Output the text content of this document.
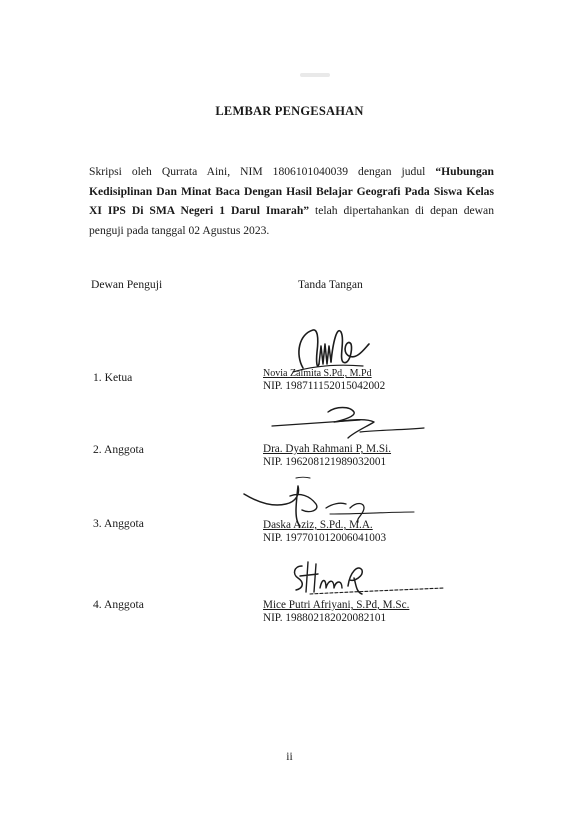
LEMBAR PENGESAHAN
Skripsi oleh Qurrata Aini, NIM 1806101040039 dengan judul “Hubungan Kedisiplinan Dan Minat Baca Dengan Hasil Belajar Geografi Pada Siswa Kelas XI IPS Di SMA Negeri 1 Darul Imarah” telah dipertahankan di depan dewan penguji pada tanggal 02 Agustus 2023.
Dewan Penguji	Tanda Tangan
1. Ketua	Novia Zalmita S.Pd., M.Pd
NIP. 198711152015042002
2. Anggota	Dra. Dyah Rahmani P, M.Si.
NIP. 196208121989032001
3. Anggota	Daska Aziz, S.Pd., M.A.
NIP. 197701012006041003
4. Anggota	Mice Putri Afriyani, S.Pd, M.Sc.
NIP. 198802182020082101
ii
